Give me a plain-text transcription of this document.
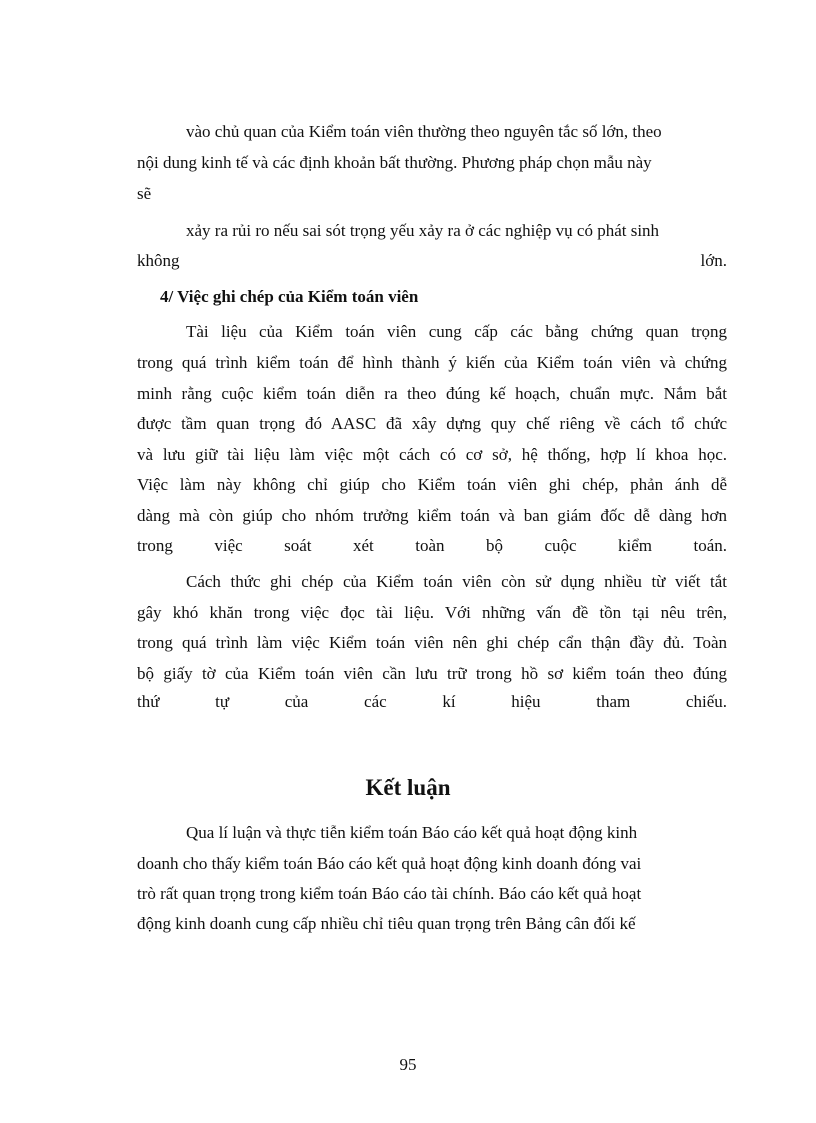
vào chủ quan của Kiểm toán viên thường theo nguyên tắc số lớn, theo
nội dung kinh tế và các định khoản bất thường. Phương pháp chọn mẫu này
sẽ
xảy ra rủi ro nếu sai sót trọng yếu xảy ra ở các nghiệp vụ có phát sinh
không	lớn.
4/ Việc ghi chép của Kiểm toán viên
Tài liệu của Kiểm toán viên cung cấp các bằng chứng quan trọng
trong quá trình kiểm toán để hình thành ý kiến của Kiểm toán viên và chứng
minh rằng cuộc kiểm toán diễn ra theo đúng kế hoạch, chuẩn mực. Nắm bắt
được tầm quan trọng đó AASC đã xây dựng quy chế riêng về cách tổ chức
và lưu giữ tài liệu làm việc một cách có cơ sở, hệ thống, hợp lí khoa học.
Việc làm này không chỉ giúp cho Kiểm toán viên ghi chép, phản ánh dễ
dàng mà còn giúp cho nhóm trưởng kiểm toán và ban giám đốc dễ dàng hơn
trong việc soát xét toàn bộ cuộc kiểm toán.
Cách thức ghi chép của Kiểm toán viên còn sử dụng nhiều từ viết tắt
gây khó khăn trong việc đọc tài liệu. Với những vấn đề tồn tại nêu trên,
trong quá trình làm việc Kiểm toán viên nên ghi chép cẩn thận đầy đủ. Toàn
bộ giấy tờ của Kiểm toán viên cần lưu trữ trong hồ sơ kiểm toán theo đúng
thứ tự của các kí hiệu tham chiếu.
Kết luận
Qua lí luận và thực tiễn kiểm toán Báo cáo kết quả hoạt động kinh
doanh cho thấy kiểm toán Báo cáo kết quả hoạt động kinh doanh đóng vai
trò rất quan trọng trong kiểm toán Báo cáo tài chính. Báo cáo kết quả hoạt
động kinh doanh cung cấp nhiều chỉ tiêu quan trọng trên Bảng cân đối kế
95
